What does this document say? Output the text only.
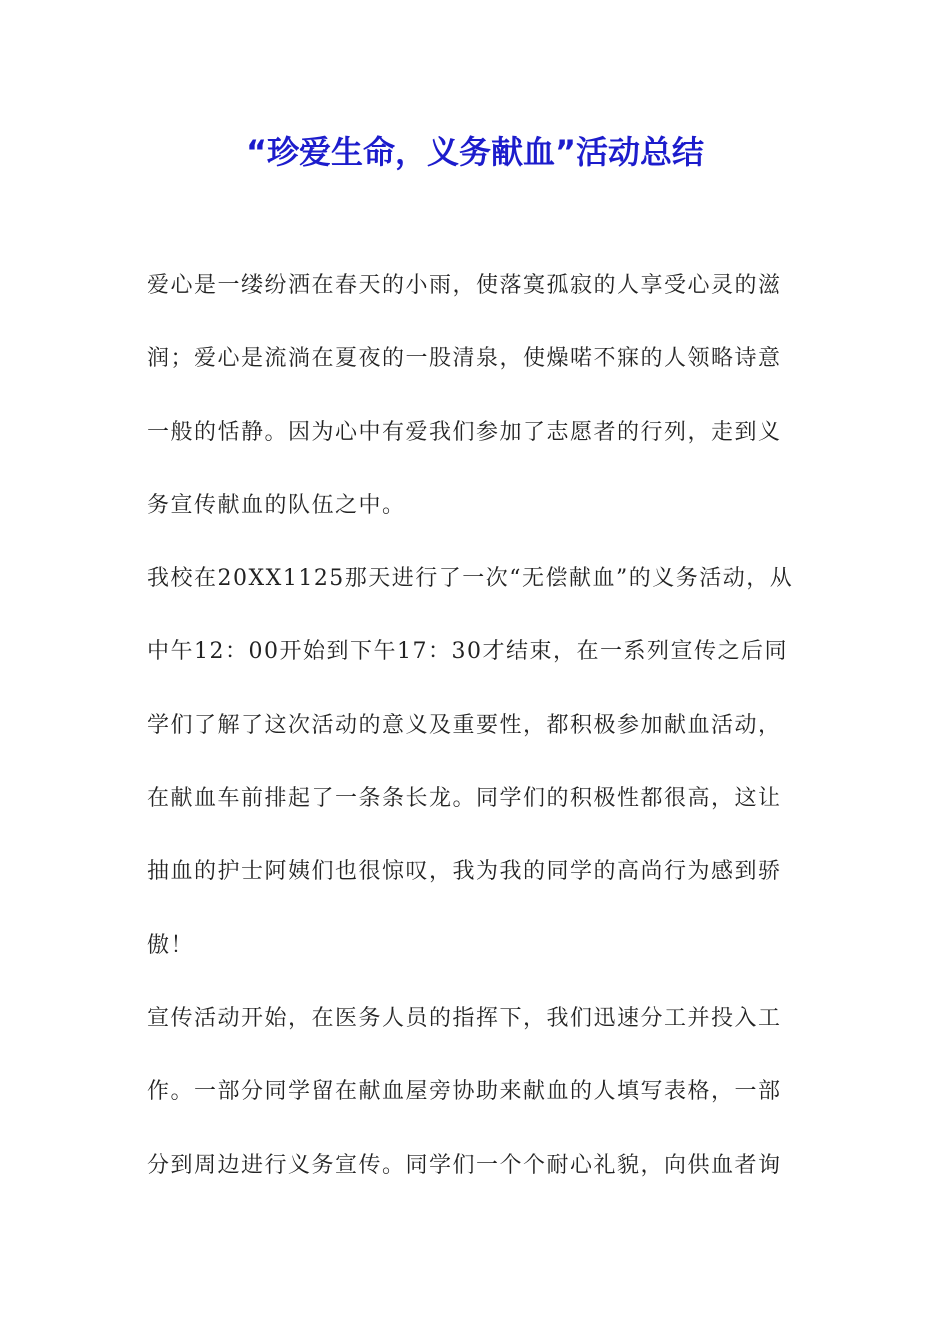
“珍爱生命，义务献血”活动总结
爱心是一缕纷洒在春天的小雨，使落寞孤寂的人享受心灵的滋
润；爱心是流淌在夏夜的一股清泉，使燥喏不寐的人领略诗意
一般的恬静。因为心中有爱我们参加了志愿者的行列，走到义
务宣传献血的队伍之中。
我校在20XX1125那天进行了一次“无偿献血”的义务活动，从
中午12：00开始到下午17：30才结束，在一系列宣传之后同
学们了解了这次活动的意义及重要性，都积极参加献血活动，
在献血车前排起了一条条长龙。同学们的积极性都很高，这让
抽血的护士阿姨们也很惊叹，我为我的同学的高尚行为感到骄
傲！
宣传活动开始，在医务人员的指挥下，我们迅速分工并投入工
作。一部分同学留在献血屋旁协助来献血的人填写表格，一部
分到周边进行义务宣传。同学们一个个耐心礼貌，向供血者询
